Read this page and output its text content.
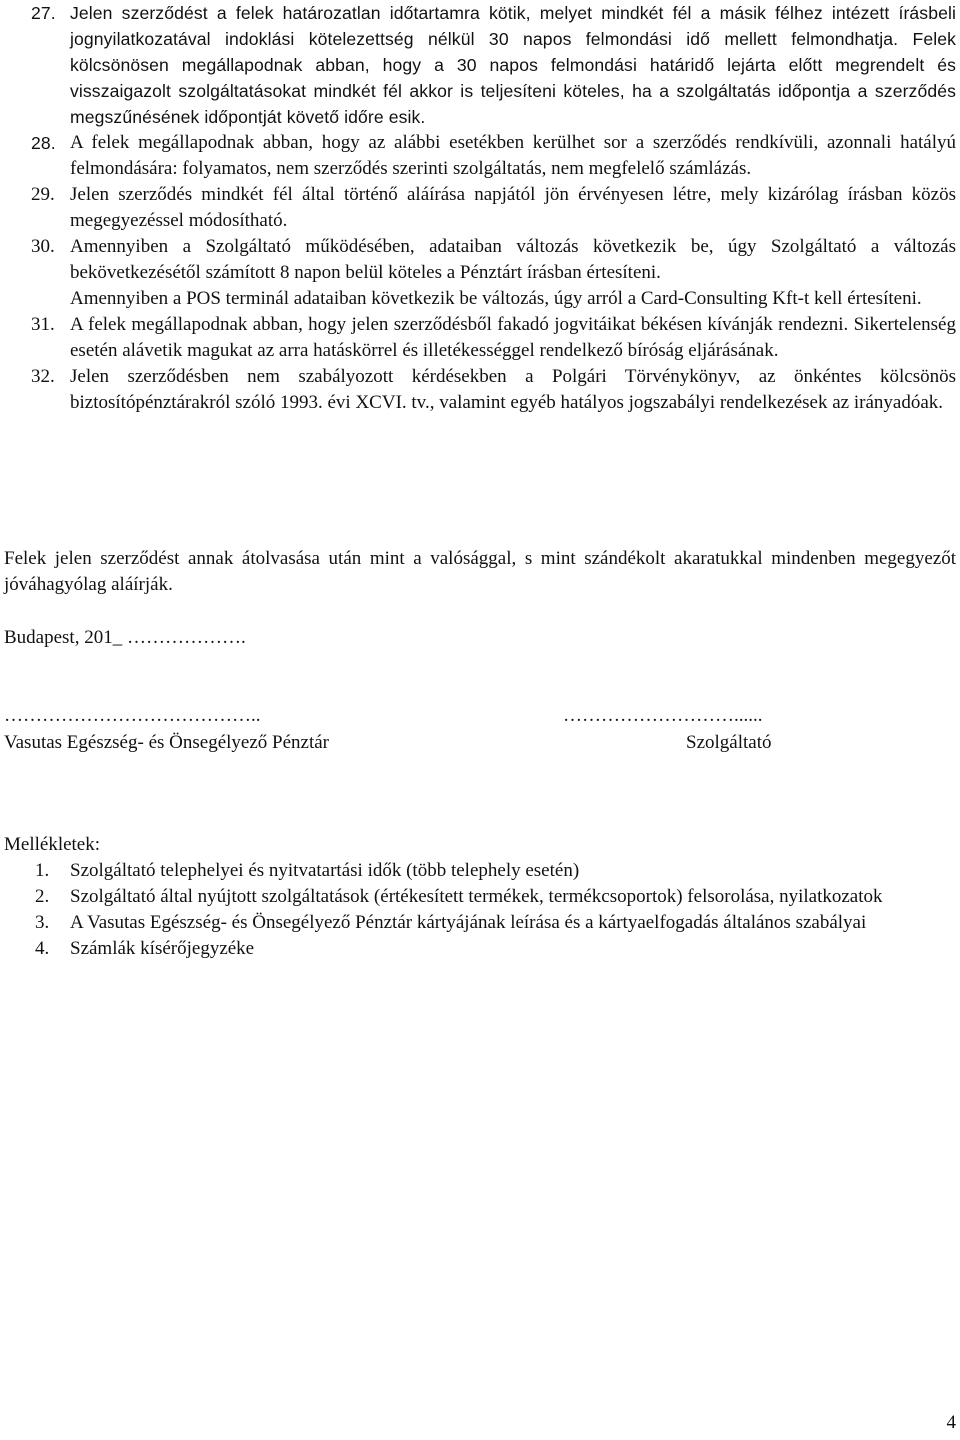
27. Jelen szerződést a felek határozatlan időtartamra kötik, melyet mindkét fél a másik félhez intézett írásbeli jognyilatkozatával indoklási kötelezettség nélkül 30 napos felmondási idő mellett felmondhatja. Felek kölcsönösen megállapodnak abban, hogy a 30 napos felmondási határidő lejárta előtt megrendelt és visszaigazolt szolgáltatásokat mindkét fél akkor is teljesíteni köteles, ha a szolgáltatás időpontja a szerződés megszűnésének időpontját követő időre esik.
28. A felek megállapodnak abban, hogy az alábbi esetékben kerülhet sor a szerződés rendkívüli, azonnali hatályú felmondására: folyamatos, nem szerződés szerinti szolgáltatás, nem megfelelő számlázás.
29. Jelen szerződés mindkét fél által történő aláírása napjától jön érvényesen létre, mely kizárólag írásban közös megegyezéssel módosítható.
30. Amennyiben a Szolgáltató működésében, adataiban változás következik be, úgy Szolgáltató a változás bekövetkezésétől számított 8 napon belül köteles a Pénztárt írásban értesíteni.
Amennyiben a POS terminál adataiban következik be változás, úgy arról a Card-Consulting Kft-t kell értesíteni.
31. A felek megállapodnak abban, hogy jelen szerződésből fakadó jogvitáikat békésen kívánják rendezni. Sikertelenség esetén alávetik magukat az arra hatáskörrel és illetékességgel rendelkező bíróság eljárásának.
32. Jelen szerződésben nem szabályozott kérdésekben a Polgári Törvénykönyv, az önkéntes kölcsönös biztosítópénztárakról szóló 1993. évi XCVI. tv., valamint egyéb hatályos jogszabályi rendelkezések az irányadóak.
Felek jelen szerződést annak átolvasása után mint a valósággal, s mint szándékolt akaratukkal mindenben megegyezőt jóváhagyólag aláírják.
Budapest, 201_ ……………….
…………………………………..	………………………......
Vasutas Egészség- és Önsegélyező Pénztár	Szolgáltató
Mellékletek:
1. Szolgáltató telephelyei és nyitvatartási idők (több telephely esetén)
2. Szolgáltató által nyújtott szolgáltatások (értékesített termékek, termékcsoportok) felsorolása, nyilatkozatok
3. A Vasutas Egészség- és Önsegélyező Pénztár kártyájának leírása és a kártyaelfogadás általános szabályai
4. Számlák kísérőjegyzéke
4
